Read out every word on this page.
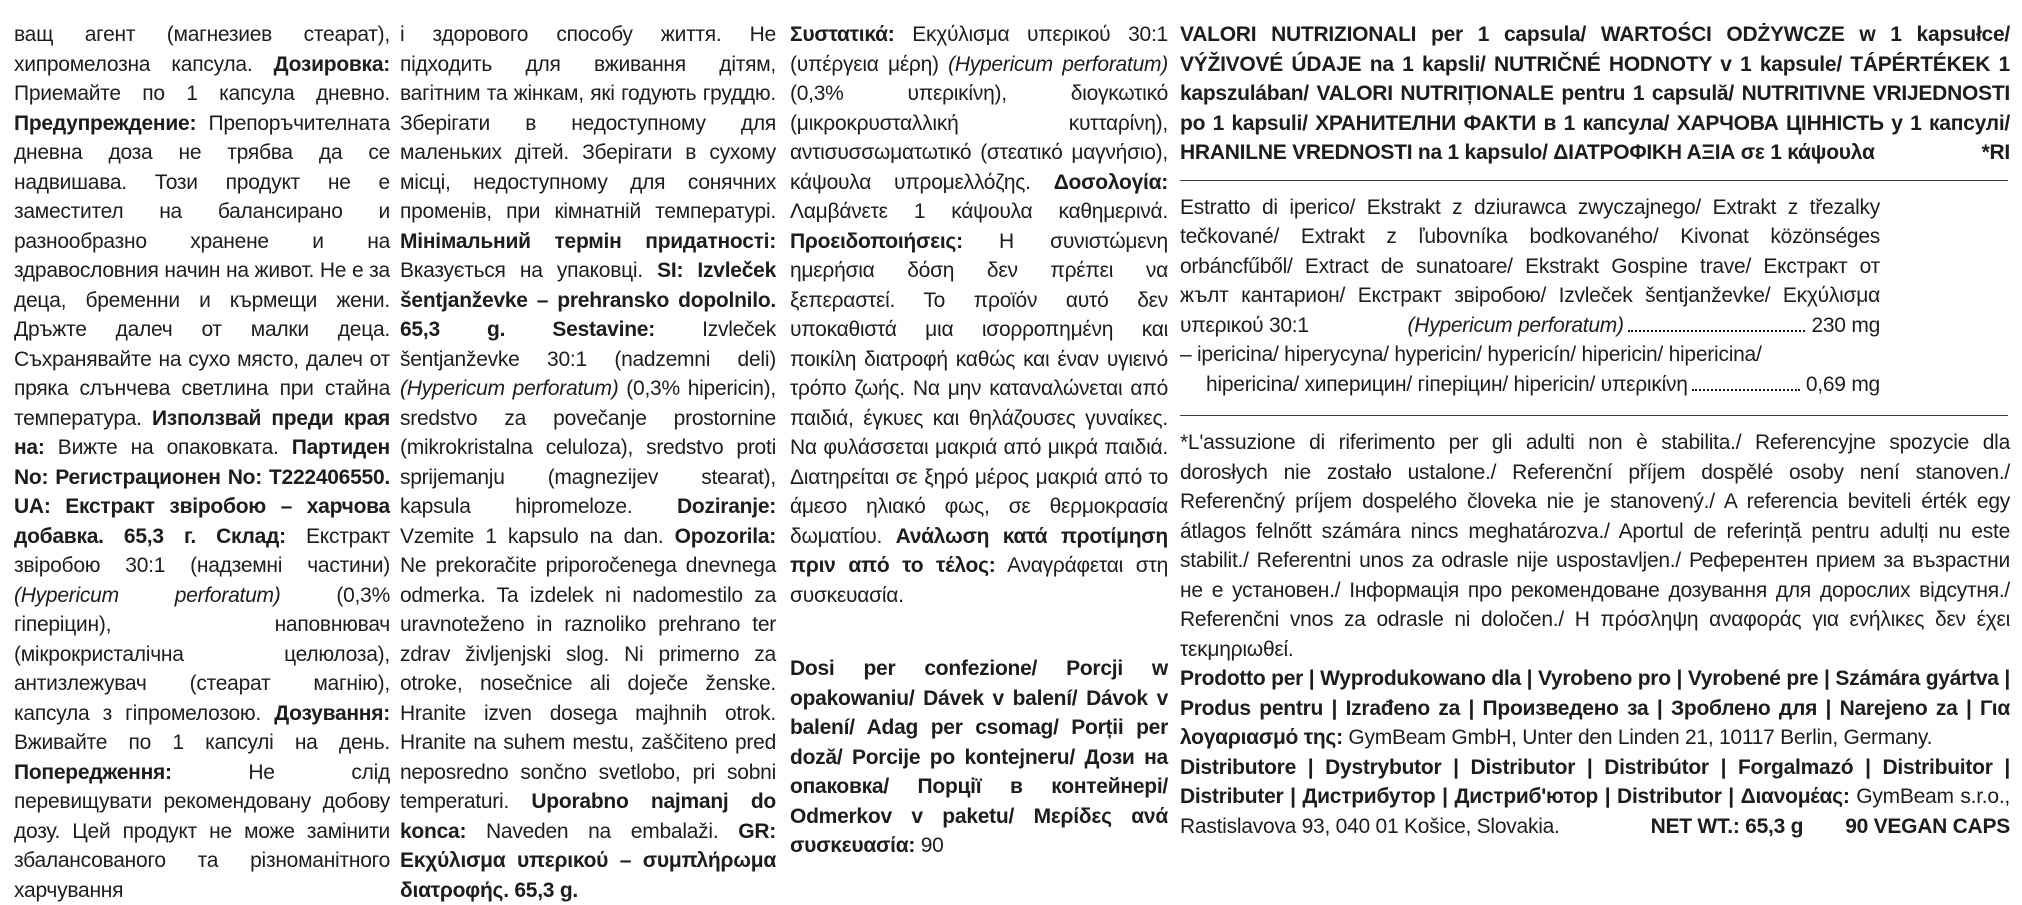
ващ агент (магнезиев стеарат), хипромелозна капсула. Дозировка: Приемайте по 1 капсула дневно. Предупреждение: Препоръчителната дневна доза не трябва да се надвишава. Този продукт не е заместител на балансирано и разнообразно хранене и на здравословния начин на живот. Не е за деца, бременни и кърмещи жени. Дръжте далеч от малки деца. Съхранявайте на сухо място, далеч от пряка слънчева светлина при стайна температура. Използвай преди края на: Вижте на опаковката. Партиден No: Регистрационен No: T222406550. UA: Екстракт звіробою – харчова добавка. 65,3 г. Склад: Екстракт звіробою 30:1 (надземні частини) (Hypericum perforatum) (0,3% гіперіцин), наповнювач (мікрокристалічна целюлоза), антизлежувач (стеарат магнію), капсула з гіпромелозою. Дозування: Вживайте по 1 капсулі на день. Попередження: Не слід перевищувати рекомендовану добову дозу. Цей продукт не може замінити збалансованого та різноманітного харчування
і здорового способу життя. Не підходить для вживання дітям, вагітним та жінкам, які годують груддю. Зберігати в недоступному для маленьких дітей. Зберігати в сухому місці, недоступному для сонячних променів, при кімнатній температурі. Мінімальний термін придатності: Вказується на упаковці. SI: Izvleček šentjanževke – prehransko dopolnilo. 65,3 g. Sestavine: Izvleček šentjanževke 30:1 (nadzemni deli) (Hypericum perforatum) (0,3% hipericin), sredstvo za povečanje prostornine (mikrokristalna celuloza), sredstvo proti sprijemanju (magnezijev stearat), kapsula hipromeloze. Doziranje: Vzemite 1 kapsulo na dan. Opozorila: Ne prekoračite priporočenega dnevnega odmerka. Ta izdelek ni nadomestilo za uravnoteženo in raznoliko prehrano ter zdrav življenjski slog. Ni primerno za otroke, nosečnice ali doječe ženske. Hranite izven dosega majhnih otrok. Hranite na suhem mestu, zaščiteno pred neposredno sončno svetlobo, pri sobni temperaturi. Uporabno najmanj do konca: Naveden na embalaži. GR: Εκχύλισμα υπερικού – συμπλήρωμα διατροφής. 65,3 g.
Συστατικά: Εκχύλισμα υπερικού 30:1 (υπέργεια μέρη) (Hypericum perforatum) (0,3% υπερικίνη), διογκωτικό (μικροκρυσταλλική κυτταρίνη), αντισυσσωματωτικό (στεατικό μαγνήσιο), κάψουλα υπρομελλόζης. Δοσολογία: Λαμβάνετε 1 κάψουλα καθημερινά. Προειδοποιήσεις: Η συνιστώμενη ημερήσια δόση δεν πρέπει να ξεπεραστεί. Το προϊόν αυτό δεν υποκαθιστά μια ισορροπημένη και ποικίλη διατροφή καθώς και έναν υγιεινό τρόπο ζωής. Να μην καταναλώνεται από παιδιά, έγκυες και θηλάζουσες γυναίκες. Να φυλάσσεται μακριά από μικρά παιδιά. Διατηρείται σε ξηρό μέρος μακριά από το άμεσο ηλιακό φως, σε θερμοκρασία δωματίου. Ανάλωση κατά προτίμηση πριν από το τέλος: Αναγράφεται στη συσκευασία.
Dosi per confezione/ Porcji w opakowaniu/ Dávek v balení/ Dávok v balení/ Adag per csomag/ Porții per doză/ Porcije po kontejneru/ Дози на опаковка/ Порції в контейнері/ Odmerkov v paketu/ Μερίδες ανά συσκευασία: 90
VALORI NUTRIZIONALI per 1 capsula/ WARTOŚCI ODŻYWCZE w 1 kapsułce/ VÝŽIVOVÉ ÚDAJE na 1 kapsli/ NUTRIČNÉ HODNOTY v 1 kapsule/ TÁPÉRTÉKEK 1 kapszulában/ VALORI NUTRIȚIONALE pentru 1 capsulă/ NUTRITIVNE VRIJEDNOSTI po 1 kapsuli/ ХРАНИТЕЛНИ ФАКТИ в 1 капсула/ ХАРЧОВА ЦІННІСТЬ у 1 капсулі/ HRANILNE VREDNOSTI na 1 kapsulo/ ΔΙΑΤΡΟΦΙΚΗ ΑΞΙΑ σε 1 κάψουλα	*RI
Estratto di iperico/ Ekstrakt z dziurawca zwyczajnego/ Extrakt z třezalky tečkované/ Extrakt z ľubovníka bodkovaného/ Kivonat közönséges orbáncfűből/ Extract de sunatoare/ Ekstrakt Gospine trave/ Екстракт от жълт кантарион/ Екстракт звіробою/ Izvleček šentjanževke/ Εκχύλισμα υπερικού 30:1	(Hypericum perforatum)	230 mg
– ipericina/ hiperycyna/ hypericin/ hypericín/ hipericin/ hipericina/
hipericina/ хиперицин/ гіперіцин/ hipericin/ υπερικίνη	0,69 mg
*L'assuzione di riferimento per gli adulti non è stabilita./ Referencyjne spozycie dla dorosłych nie zostało ustalone./ Referenční příjem dospělé osoby není stanoven./ Referenčný príjem dospelého človeka nie je stanovený./ A referencia beviteli érték egy átlagos felnőtt számára nincs meghatározva./ Aportul de referință pentru adulți nu este stabilit./ Referentni unos za odrasle nije uspostavljen./ Референтен прием за възрастни не е установен./ Інформація про рекомендоване дозування для дорослих відсутня./ Referenčni vnos za odrasle ni določen./ Η πρόσληψη αναφοράς για ενήλικες δεν έχει τεκμηριωθεί.
Prodotto per | Wyprodukowano dla | Vyrobeno pro | Vyrobené pre | Számára gyártva | Produs pentru | Izrađeno za | Произведено за | Зроблено для | Narejeno za | Για λογαριασμό της: GymBeam GmbH, Unter den Linden 21, 10117 Berlin, Germany.
Distributore | Dystrybutor | Distributor | Distribútor | Forgalmazó | Distribuitor | Distributer | Дистрибутор | Дистриб'ютор | Distributor | Διανομέας: GymBeam s.r.o., Rastislavova 93, 040 01 Košice, Slovakia.	NET WT.: 65,3 g 90 VEGAN CAPS
